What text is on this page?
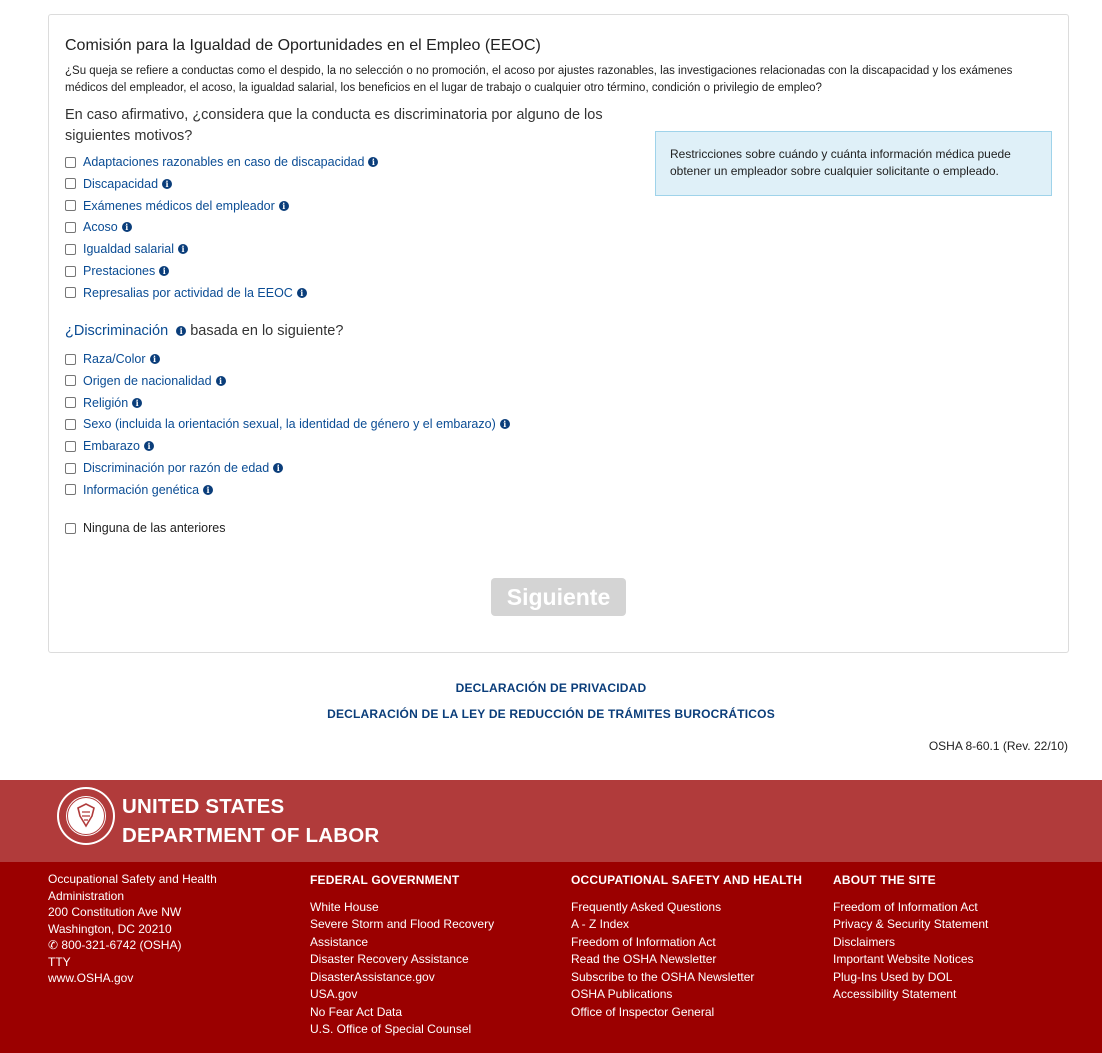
Comisión para la Igualdad de Oportunidades en el Empleo (EEOC)
¿Su queja se refiere a conductas como el despido, la no selección o no promoción, el acoso por ajustes razonables, las investigaciones relacionadas con la discapacidad y los exámenes médicos del empleador, el acoso, la igualdad salarial, los beneficios en el lugar de trabajo o cualquier otro término, condición o privilegio de empleo?
En caso afirmativo, ¿considera que la conducta es discriminatoria por alguno de los siguientes motivos?
Adaptaciones razonables en caso de discapacidad i
Discapacidad i
Exámenes médicos del empleador i
Acoso i
Igualdad salarial i
Prestaciones i
Represalias por actividad de la EEOC i
¿Discriminación i basada en lo siguiente?
Raza/Color i
Origen de nacionalidad i
Religión i
Sexo (incluida la orientación sexual, la identidad de género y el embarazo) i
Embarazo i
Discriminación por razón de edad i
Información genética i
Ninguna de las anteriores
Restricciones sobre cuándo y cuánta información médica puede obtener un empleador sobre cualquier solicitante o empleado.
Siguiente
DECLARACIÓN DE PRIVACIDAD
DECLARACIÓN DE LA LEY DE REDUCCIÓN DE TRÁMITES BUROCRÁTICOS
OSHA 8-60.1 (Rev. 22/10)
UNITED STATES
DEPARTMENT OF LABOR
Occupational Safety and Health
Administration
200 Constitution Ave NW
Washington, DC 20210
✆ 800-321-6742 (OSHA)
TTY
www.OSHA.gov
FEDERAL GOVERNMENT
White House
Severe Storm and Flood Recovery
Assistance
Disaster Recovery Assistance
DisasterAssistance.gov
USA.gov
No Fear Act Data
U.S. Office of Special Counsel
OCCUPATIONAL SAFETY AND HEALTH
Frequently Asked Questions
A - Z Index
Freedom of Information Act
Read the OSHA Newsletter
Subscribe to the OSHA Newsletter
OSHA Publications
Office of Inspector General
ABOUT THE SITE
Freedom of Information Act
Privacy & Security Statement
Disclaimers
Important Website Notices
Plug-Ins Used by DOL
Accessibility Statement
